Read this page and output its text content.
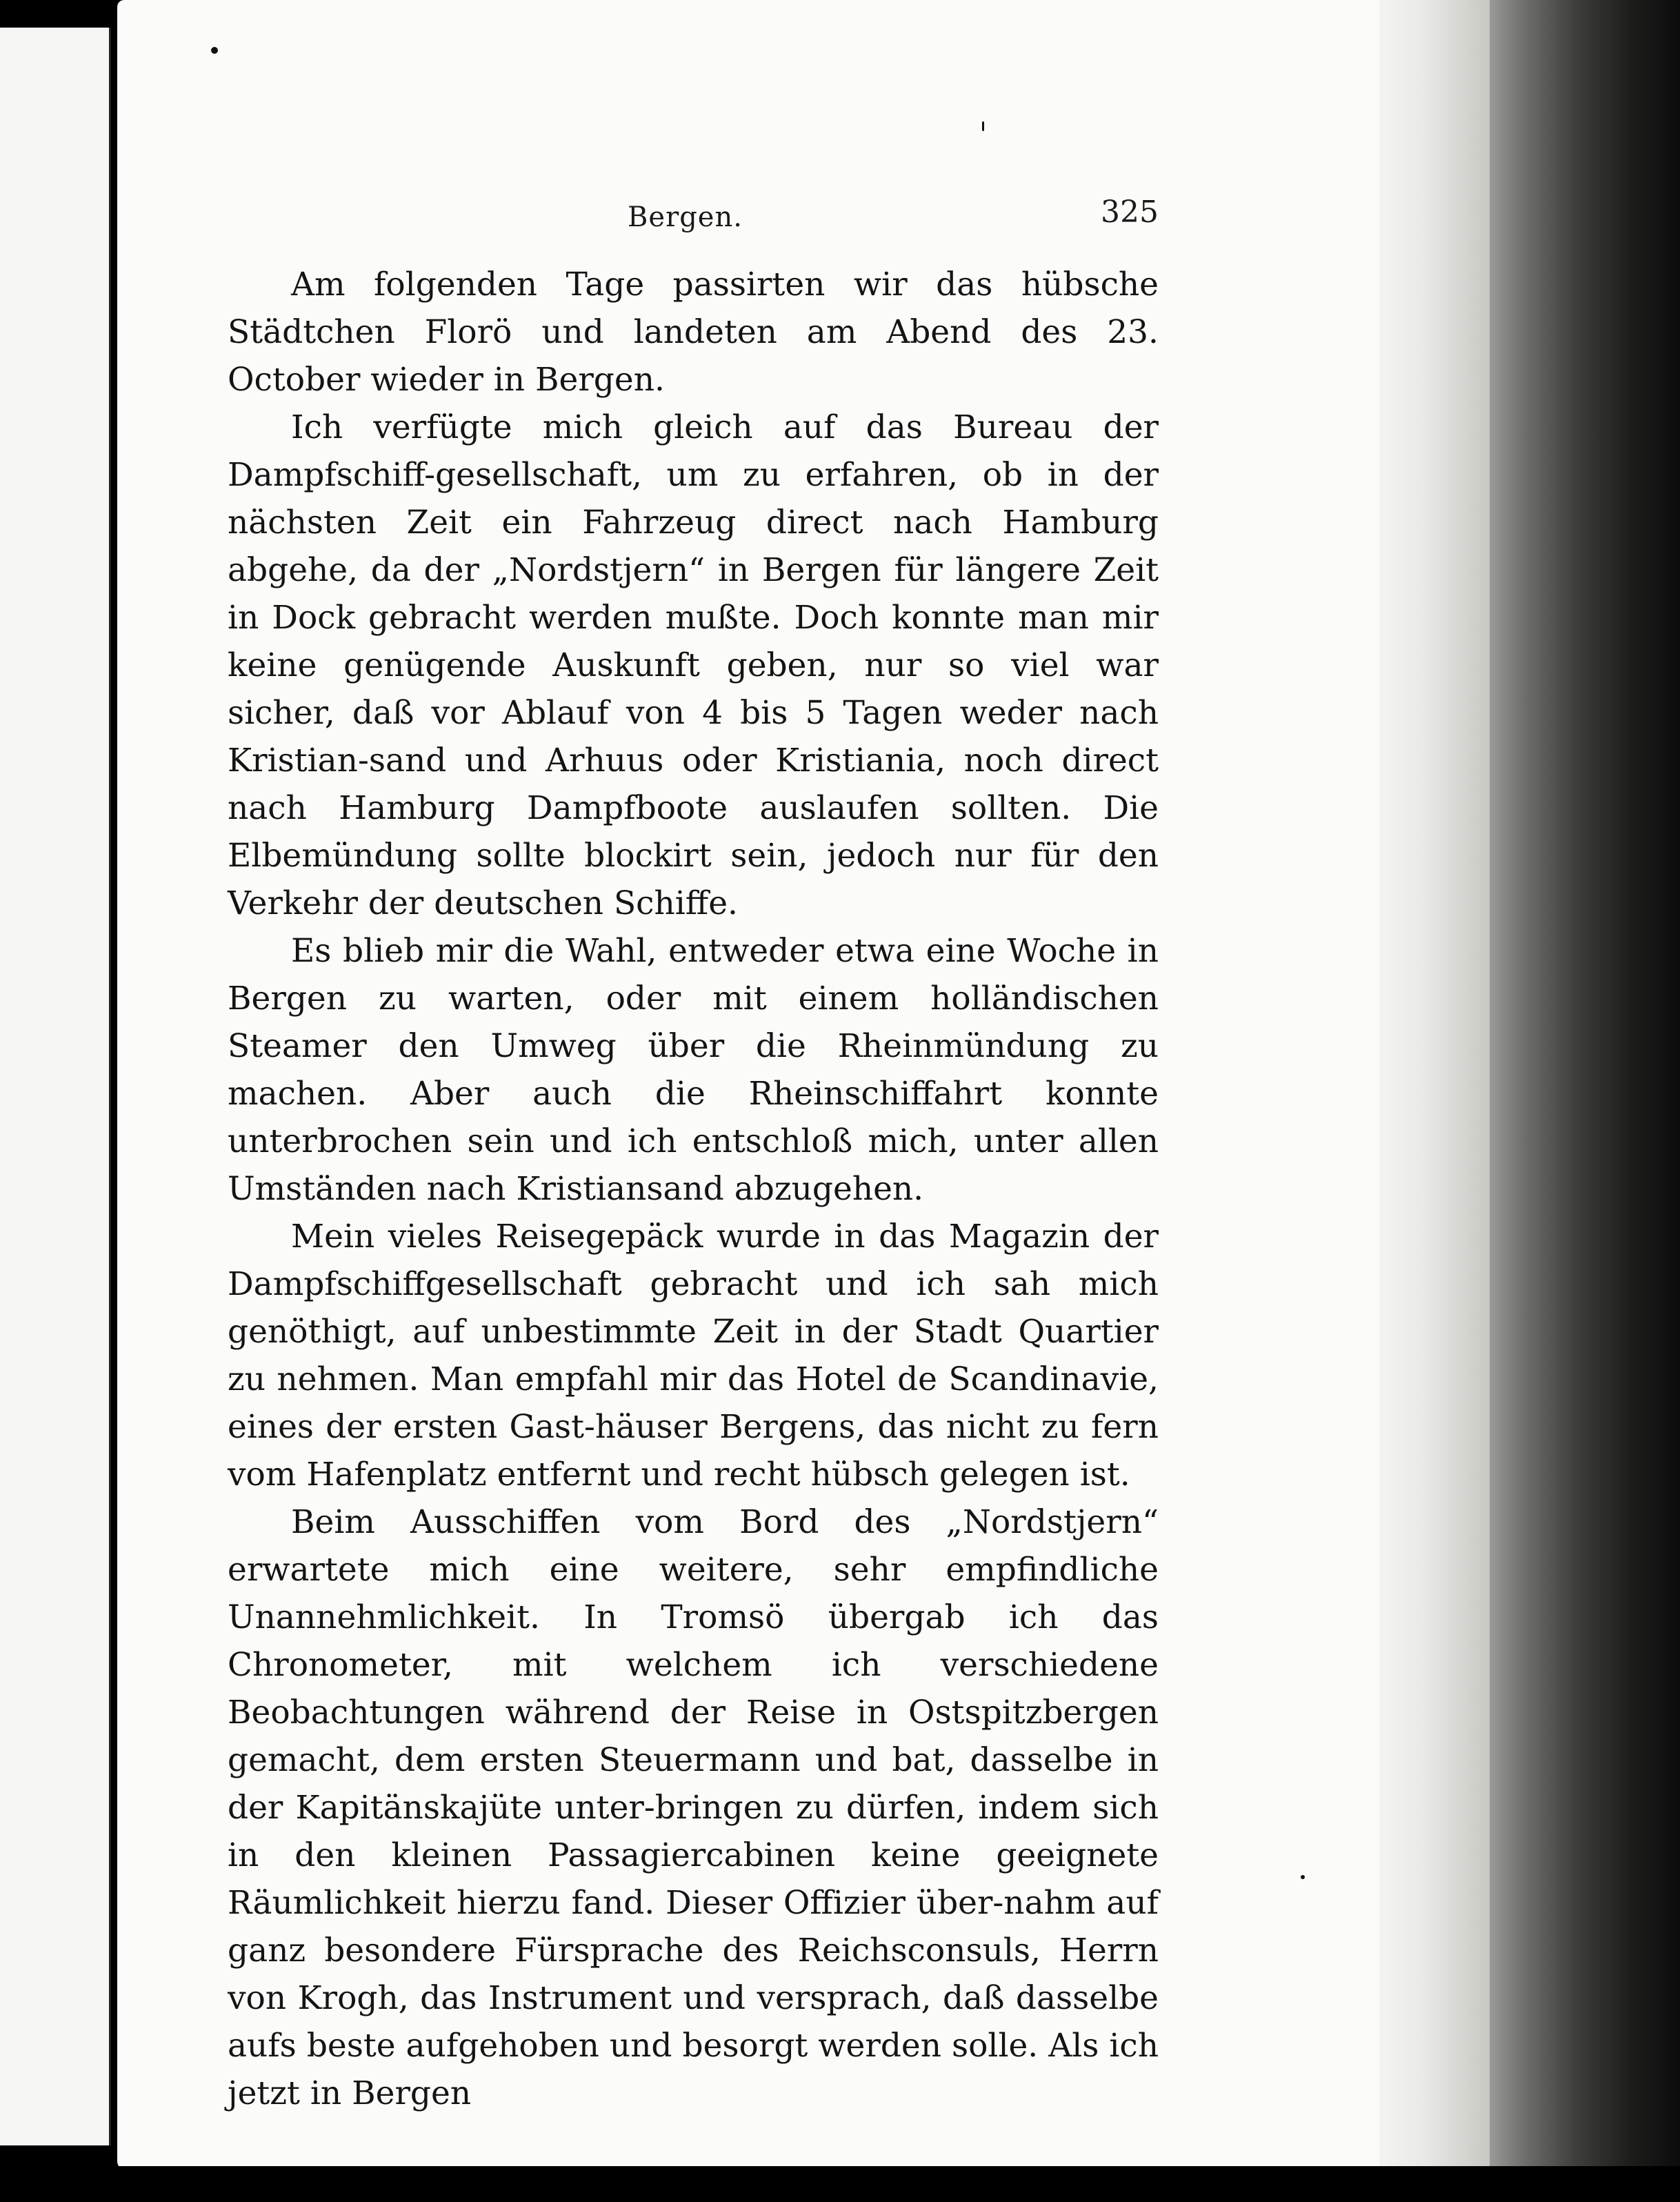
Bergen.	325

Am folgenden Tage passirten wir das hübsche Städtchen Florö und landeten am Abend des 23. October wieder in Bergen.

Ich verfügte mich gleich auf das Bureau der Dampfschiff-gesellschaft, um zu erfahren, ob in der nächsten Zeit ein Fahrzeug direct nach Hamburg abgehe, da der „Nordstjern“ in Bergen für längere Zeit in Dock gebracht werden mußte. Doch konnte man mir keine genügende Auskunft geben, nur so viel war sicher, daß vor Ablauf von 4 bis 5 Tagen weder nach Kristian-sand und Arhuus oder Kristiania, noch direct nach Hamburg Dampfboote auslaufen sollten. Die Elbemündung sollte blockirt sein, jedoch nur für den Verkehr der deutschen Schiffe.

Es blieb mir die Wahl, entweder etwa eine Woche in Bergen zu warten, oder mit einem holländischen Steamer den Umweg über die Rheinmündung zu machen. Aber auch die Rheinschiffahrt konnte unterbrochen sein und ich entschloß mich, unter allen Umständen nach Kristiansand abzugehen.

Mein vieles Reisegepäck wurde in das Magazin der Dampfschiffgesellschaft gebracht und ich sah mich genöthigt, auf unbestimmte Zeit in der Stadt Quartier zu nehmen. Man empfahl mir das Hotel de Scandinavie, eines der ersten Gast-häuser Bergens, das nicht zu fern vom Hafenplatz entfernt und recht hübsch gelegen ist.

Beim Ausschiffen vom Bord des „Nordstjern“ erwartete mich eine weitere, sehr empfindliche Unannehmlichkeit. In Tromsö übergab ich das Chronometer, mit welchem ich verschiedene Beobachtungen während der Reise in Ostspitzbergen gemacht, dem ersten Steuermann und bat, dasselbe in der Kapitänskajüte unter-bringen zu dürfen, indem sich in den kleinen Passagiercabinen keine geeignete Räumlichkeit hierzu fand. Dieser Offizier über-nahm auf ganz besondere Fürsprache des Reichsconsuls, Herrn von Krogh, das Instrument und versprach, daß dasselbe aufs beste aufgehoben und besorgt werden solle. Als ich jetzt in Bergen
